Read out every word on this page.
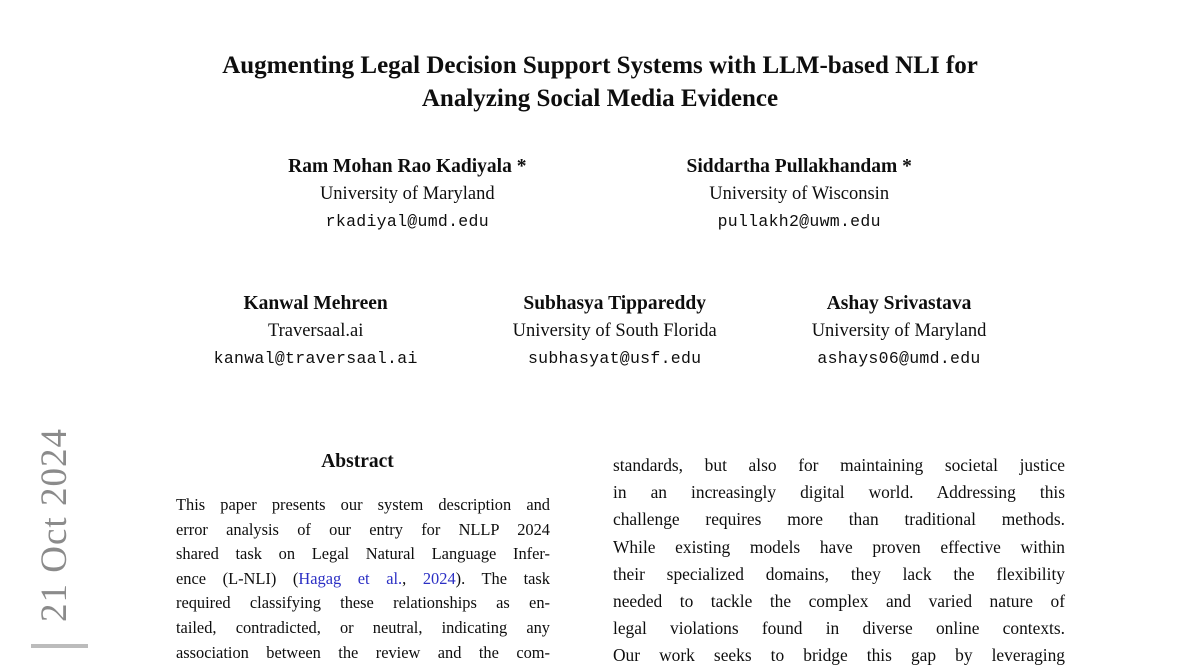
21 Oct 2024
Augmenting Legal Decision Support Systems with LLM-based NLI for
Analyzing Social Media Evidence
Ram Mohan Rao Kadiyala *
University of Maryland
rkadiyal@umd.edu
Siddartha Pullakhandam *
University of Wisconsin
pullakh2@uwm.edu
Kanwal Mehreen
Traversaal.ai
kanwal@traversaal.ai
Subhasya Tippareddy
University of South Florida
subhasyat@usf.edu
Ashay Srivastava
University of Maryland
ashays06@umd.edu
Abstract
This paper presents our system description and
error analysis of our entry for NLLP 2024
shared task on Legal Natural Language Infer-
ence (L-NLI) (Hagag et al., 2024). The task
required classifying these relationships as en-
tailed, contradicted, or neutral, indicating any
association between the review and the com-
standards, but also for maintaining societal justice
in an increasingly digital world. Addressing this
challenge requires more than traditional methods.
While existing models have proven effective within
their specialized domains, they lack the flexibility
needed to tackle the complex and varied nature of
legal violations found in diverse online contexts.
Our work seeks to bridge this gap by leveraging
